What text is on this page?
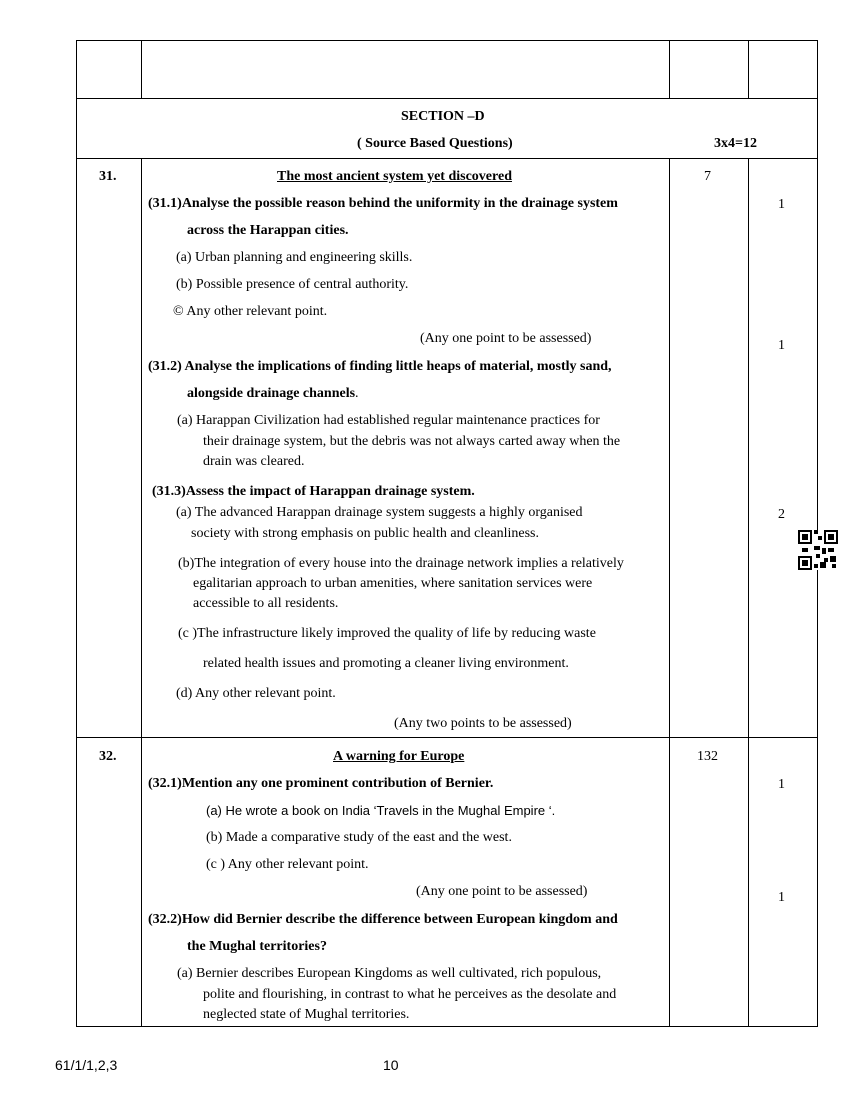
SECTION –D
( Source Based Questions)	3x4=12
31.	The most ancient system yet discovered	7
(31.1)Analyse the possible reason behind the uniformity in the drainage system	1
across the Harappan cities.
(a) Urban planning and engineering skills.
(b) Possible presence of central authority.
© Any other relevant point.
(Any one point to be assessed)	1
(31.2) Analyse the implications of finding little heaps of material, mostly sand,
alongside drainage channels.
(a) Harappan Civilization had established regular maintenance practices for
their drainage system, but the debris was not always carted away when the
drain was cleared.
(31.3)Assess the impact of Harappan drainage system.
(a) The advanced Harappan drainage system suggests a highly organised	2
society with strong emphasis on public health and cleanliness.
(b)The integration of every house into the drainage network implies a relatively
egalitarian approach to urban amenities, where sanitation services were
accessible to all residents.
(c )The infrastructure likely improved the quality of life by reducing waste
related health issues and promoting a cleaner living environment.
(d) Any other relevant point.
(Any two points to be assessed)
32.	A warning for Europe	132
(32.1)Mention any one prominent contribution of Bernier.	1
(a) He wrote a book on India ‘Travels in the Mughal Empire ‘.
(b) Made a comparative study of the east and the west.
(c ) Any other relevant point.
(Any one point to be assessed)	1
(32.2)How did Bernier describe the difference between European kingdom and
the Mughal territories?
(a) Bernier describes European Kingdoms as well cultivated, rich populous,
polite and flourishing, in contrast to what he perceives as the desolate and
neglected state of Mughal territories.
61/1/1,2,3	10
